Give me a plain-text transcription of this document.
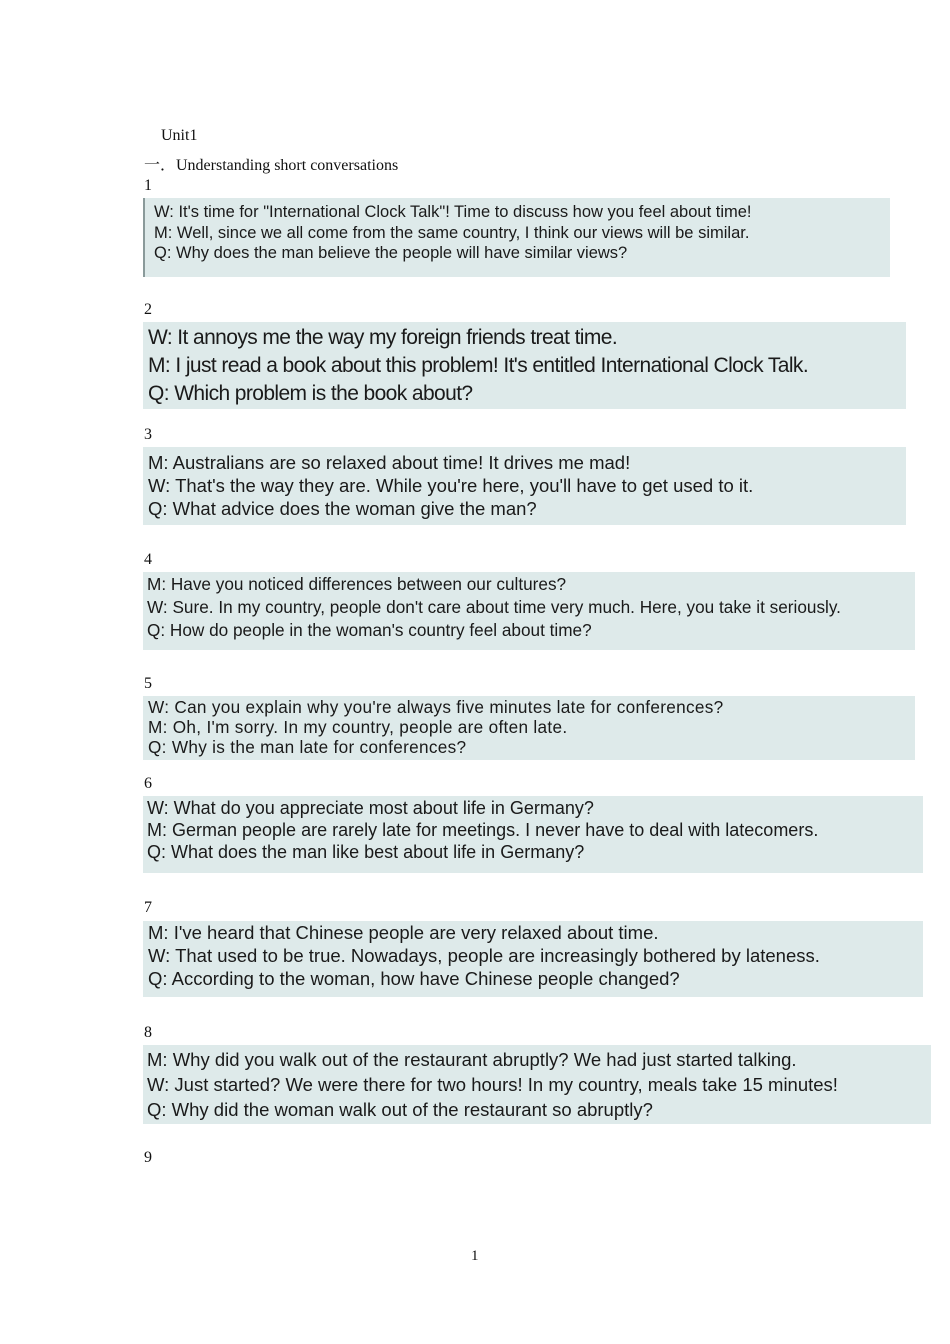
Unit1
一．Understanding short conversations
1
W: It's time for "International Clock Talk"! Time to discuss how you feel about time!
M: Well, since we all come from the same country, I think our views will be similar.
Q: Why does the man believe the people will have similar views?
2
W: It annoys me the way my foreign friends treat time.
M: I just read a book about this problem! It's entitled International Clock Talk.
Q: Which problem is the book about?
3
M: Australians are so relaxed about time! It drives me mad!
W: That's the way they are. While you're here, you'll have to get used to it.
Q: What advice does the woman give the man?
4
M: Have you noticed differences between our cultures?
W: Sure. In my country, people don't care about time very much. Here, you take it seriously.
Q: How do people in the woman's country feel about time?
5
W: Can you explain why you're always five minutes late for conferences?
M: Oh, I'm sorry. In my country, people are often late.
Q: Why is the man late for conferences?
6
W: What do you appreciate most about life in Germany?
M: German people are rarely late for meetings. I never have to deal with latecomers.
Q: What does the man like best about life in Germany?
7
M: I've heard that Chinese people are very relaxed about time.
W: That used to be true. Nowadays, people are increasingly bothered by lateness.
Q: According to the woman, how have Chinese people changed?
8
M: Why did you walk out of the restaurant abruptly? We had just started talking.
W: Just started? We were there for two hours! In my country, meals take 15 minutes!
Q: Why did the woman walk out of the restaurant so abruptly?
9
1
